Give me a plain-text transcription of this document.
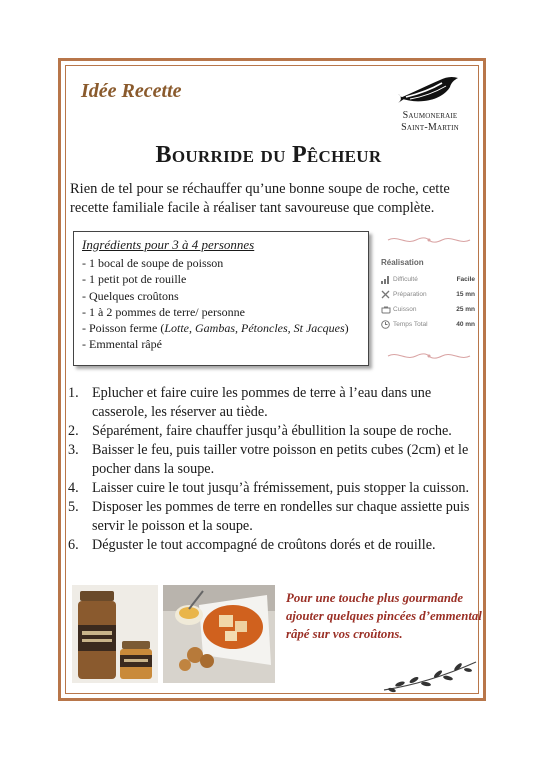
Idée Recette
Saumoneraie
Saint-Martin
Bourride du Pêcheur
Rien de tel pour se réchauffer qu’une bonne soupe de roche, cette recette familiale facile à réaliser tant savoureuse que complète.
Ingrédients pour 3 à 4 personnes
- 1 bocal de soupe de poisson
- 1 petit pot de rouille
- Quelques croûtons
- 1 à 2 pommes de terre/ personne
- Poisson ferme (Lotte, Gambas, Pétoncles, St Jacques)
- Emmental râpé
Réalisation
Difficulté	Facile
Préparation	15 mn
Cuisson	25 mn
Temps Total	40 mn
1. Eplucher et faire cuire les pommes de terre à l’eau dans une casserole, les réserver au tiède.
2. Séparément, faire chauffer jusqu’à ébullition la soupe de roche.
3. Baisser le feu, puis tailler votre poisson en petits cubes (2cm) et le pocher dans la soupe.
4. Laisser cuire le tout jusqu’à frémissement, puis stopper la cuisson.
5. Disposer les pommes de terre en rondelles sur chaque assiette puis servir le poisson et la soupe.
6. Déguster le tout accompagné de croûtons dorés et de rouille.
Pour une touche plus gourmande ajouter quelques pincées d’emmental râpé sur vos croûtons.
